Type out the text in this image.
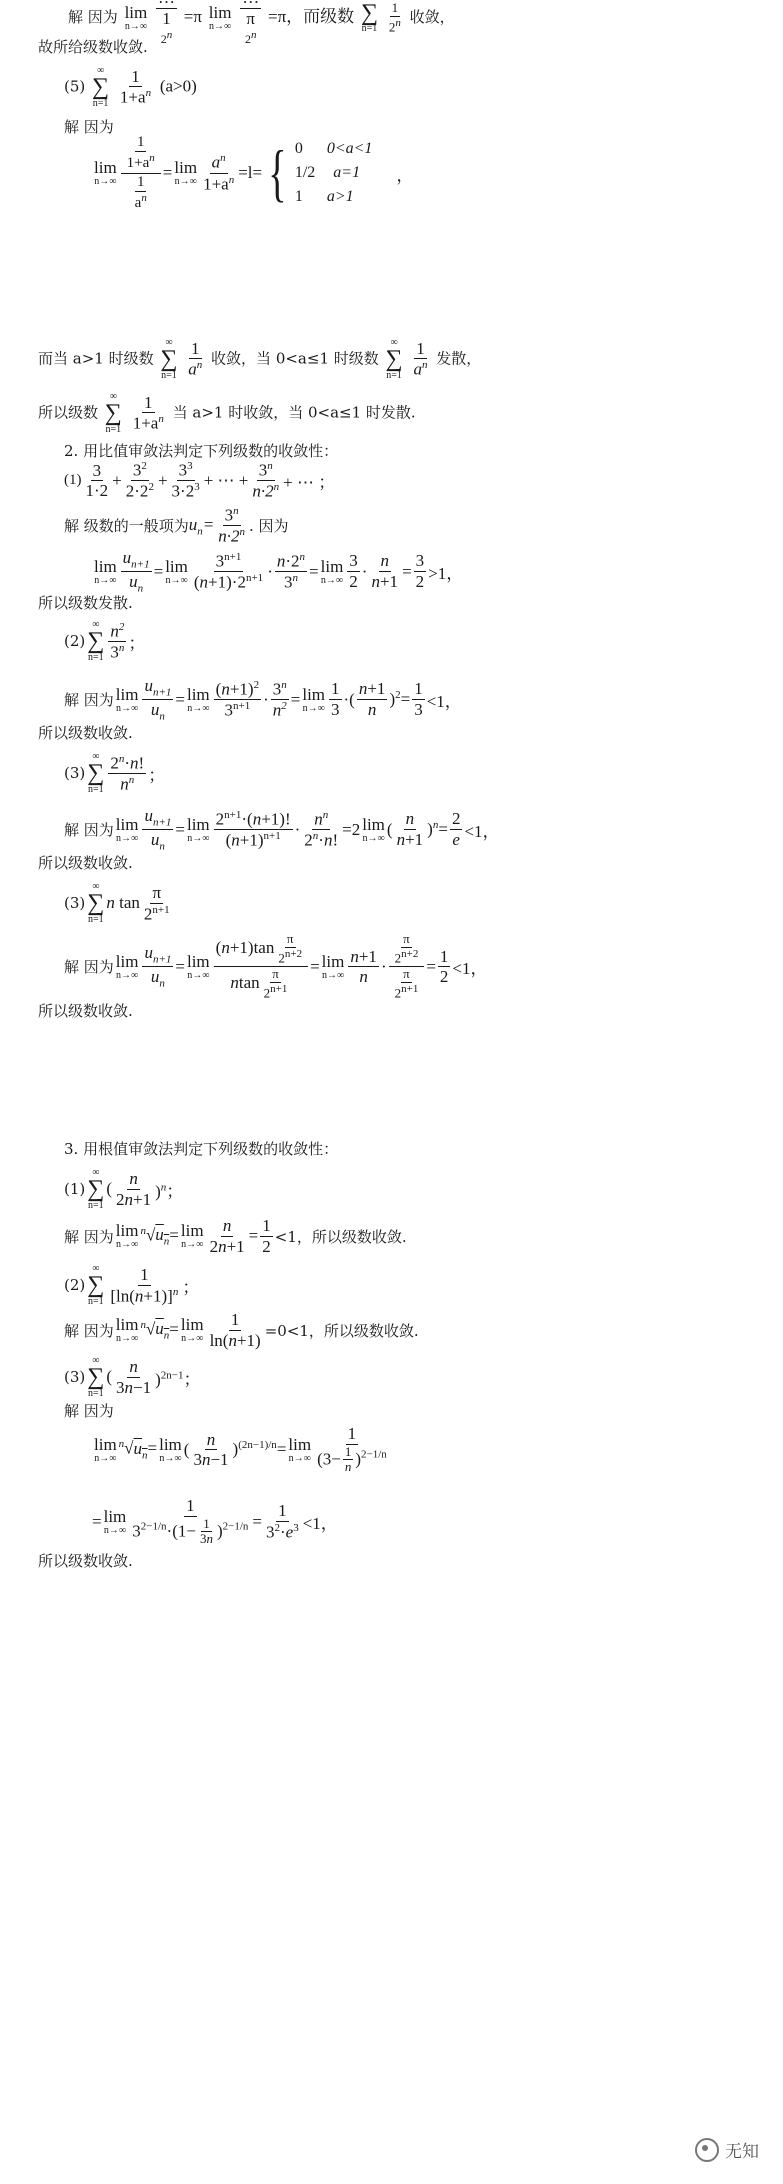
解 因为 lim
n→∞
1
2n
=π lim
n→∞
π
2n
=π，而级数 ∑
n=1
$\frac{1}{2^n}$ 收敛，
故所给级数收敛.
(5)
∞
∑
n=1
$\frac{1}{1+a^n} (a>0)$
解 因为
lim
$n\to\infty \frac{\frac{1}{1+a^n}}{\frac{1}{a^n}} = \lim$
$n\to\infty \frac{a^n}{1+a^n} =l=$ { 0	0<a<1
1/2 a=1
1	a>1
，
而当 a>1 时级数
∞
∑
n=1
$\frac{1}{a^n}$ 收敛，当 0<a≤1 时级数
∞
∑
n=1
$\frac{1}{a^n}$ 发散，
所以级数
∞
∑
n=1
$\frac{1}{1+a^n}$ 当 a>1 时收敛，当 0<a≤1 时发散.
2. 用比值审敛法判定下列级数的收敛性：
$(1) \frac{3}{1\cdot 2} + \frac{3^2}{2\cdot 2^2} + \frac{3^3}{3\cdot 2^3}$ + ⋯ + $\frac{3^n}{n\cdot 2^n}$ + ⋯ ；
解 级数的一般项为 $u_n= \frac{3^n}{n\cdot 2^n}$ . 因为
lim
$n\to\infty \frac{u_{n+1}}{u_n} = \lim$
$n\to\infty \frac{3^{n+1}}{(n+1)\cdot 2^{n+1}} \cdot \frac{n\cdot 2^n}{3^n} = \lim$
$n\to\infty \frac{3}{2} \cdot \frac{n}{n+1} = \frac{3}{2} >1$，
所以级数发散.
(2)
∞
∑
$n=1 \frac{n^2}{3^n}$ ；
解 因为 lim
$n\to\infty \frac{u_{n+1}}{u_n} = \lim$
$n\to\infty \frac{(n+1)^2}{3^{n+1}} \cdot \frac{3^n}{n^2} = \lim$
$n\to\infty \frac{1}{3}$ ·( $\frac{n+1}{n} )^2= \frac{1}{3} <1$，
所以级数收敛.
(3)
∞
∑
$n=1 \frac{2^n\cdot n!}{n^n}$ ；
解 因为 lim
$n\to\infty \frac{u_{n+1}}{u_n} = \lim$
$n\to\infty \frac{2^{n+1}\cdot(n+1)!}{(n+1)^{n+1}} \cdot \frac{n^n}{2^n\cdot n!} =2$ lim
n→∞ ( $\frac{n}{n+1} )^n= \frac{2}{e} <1$，
所以级数收敛.
(3)
∞
∑
n=1
n $\tan \frac{\pi}{2^{n+1}}$
解 因为 lim
$n\to\infty \frac{u_{n+1}}{u_n} = \lim$
$n\to\infty \frac{(n+1)\tan \frac{\pi}{2^{n+2}}}{ntan \frac{\pi}{2^{n+1}}} = \lim$
$n\to\infty \frac{n+1}{n} \cdot \frac{\frac{\pi}{2^{n+2}}}{\frac{\pi}{2^{n+1}}} = \frac{1}{2} <1$，
所以级数收敛.
3. 用根值审敛法判定下列级数的收敛性：
(1)
∞
∑
n=1
( $\frac{n}{2n+1} )^n$；
解 因为 lim
n→∞
$^n√u_n= \lim$
$n\to\infty \frac{n}{2n+1} = \frac{1}{2} <1$，所以级数收敛.
(2)
∞
∑
$n=1 \frac{1}{[\ln(n+1)]^n}$ ；
解 因为 lim
n→∞
$^n√u_n= \lim$
$n\to\infty \frac{1}{\ln(n+1)} =0<1$，所以级数收敛.
(3)
∞
∑
n=1
( $\frac{n}{3n-1} )^{2n-1}$；
解 因为
lim
n→∞
$^n√u_n= \lim$
n→∞ ( $\frac{n}{3n-1} )^{(2n-1)/n}= \lim$
$n\to\infty \frac{1}{(3- \frac{1}{n} )^{2-1/n}}$
= lim
$n\to\infty \frac{1}{3^{2-1/n}\cdot(1- \frac{1}{3n} )^{2-1/n}} = \frac{1}{3^2\cdot e^3} <1$，
所以级数收敛.
无知
